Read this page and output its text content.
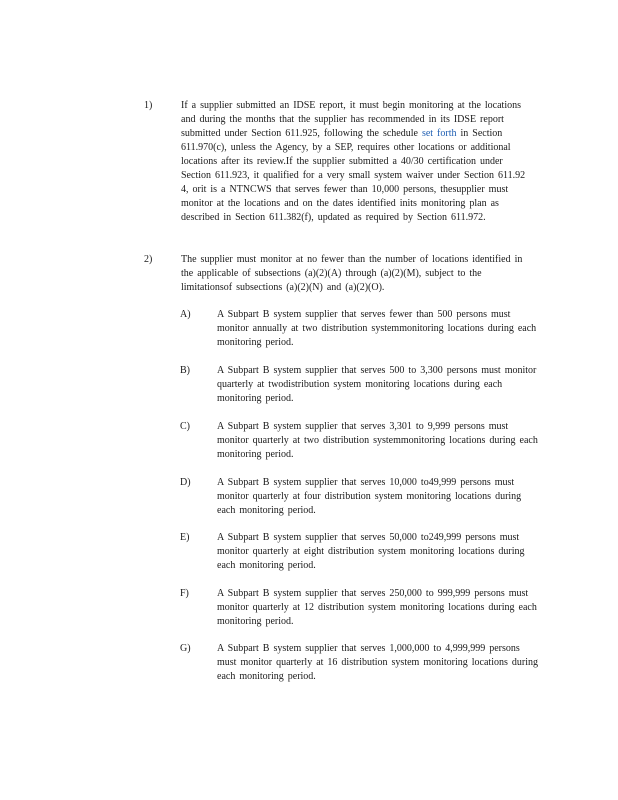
1)	If a supplier submitted an IDSE report, it must begin monitoring at the locations and during the months that the supplier has recommended in its IDSE report submitted under Section 611.925, following the schedule set forth in Section 611.970(c), unless the Agency, by a SEP, requires other locations or additional locations after its review.If the supplier submitted a 40/30 certification under Section 611.923, it qualified for a very small system waiver under Section 611.92 4, orit is a NTNCWS that serves fewer than 10,000 persons, thesupplier must monitor at the locations and on the dates identified inits monitoring plan as described in Section 611.382(f), updated as required by Section 611.972.
2)	The supplier must monitor at no fewer than the number of locations identified in the applicable of subsections (a)(2)(A) through (a)(2)(M), subject to the limitationsof subsections (a)(2)(N) and (a)(2)(O).
A)	A Subpart B system supplier that serves fewer than 500 persons must monitor annually at two distribution systemmonitoring locations during each monitoring period.
B)	A Subpart B system supplier that serves 500 to 3,300 persons must monitor quarterly at twodistribution system monitoring locations during each monitoring period.
C)	A Subpart B system supplier that serves 3,301 to 9,999 persons must monitor quarterly at two distribution systemmonitoring locations during each monitoring period.
D)	A Subpart B system supplier that serves 10,000 to49,999 persons must monitor quarterly at four distribution system monitoring locations during each monitoring period.
E)	A Subpart B system supplier that serves 50,000 to249,999 persons must monitor quarterly at eight distribution system monitoring locations during each monitoring period.
F)	A Subpart B system supplier that serves 250,000 to 999,999 persons must monitor quarterly at 12 distribution system monitoring locations during each monitoring period.
G)	A Subpart B system supplier that serves 1,000,000 to 4,999,999 persons must monitor quarterly at 16 distribution system monitoring locations during each monitoring period.
